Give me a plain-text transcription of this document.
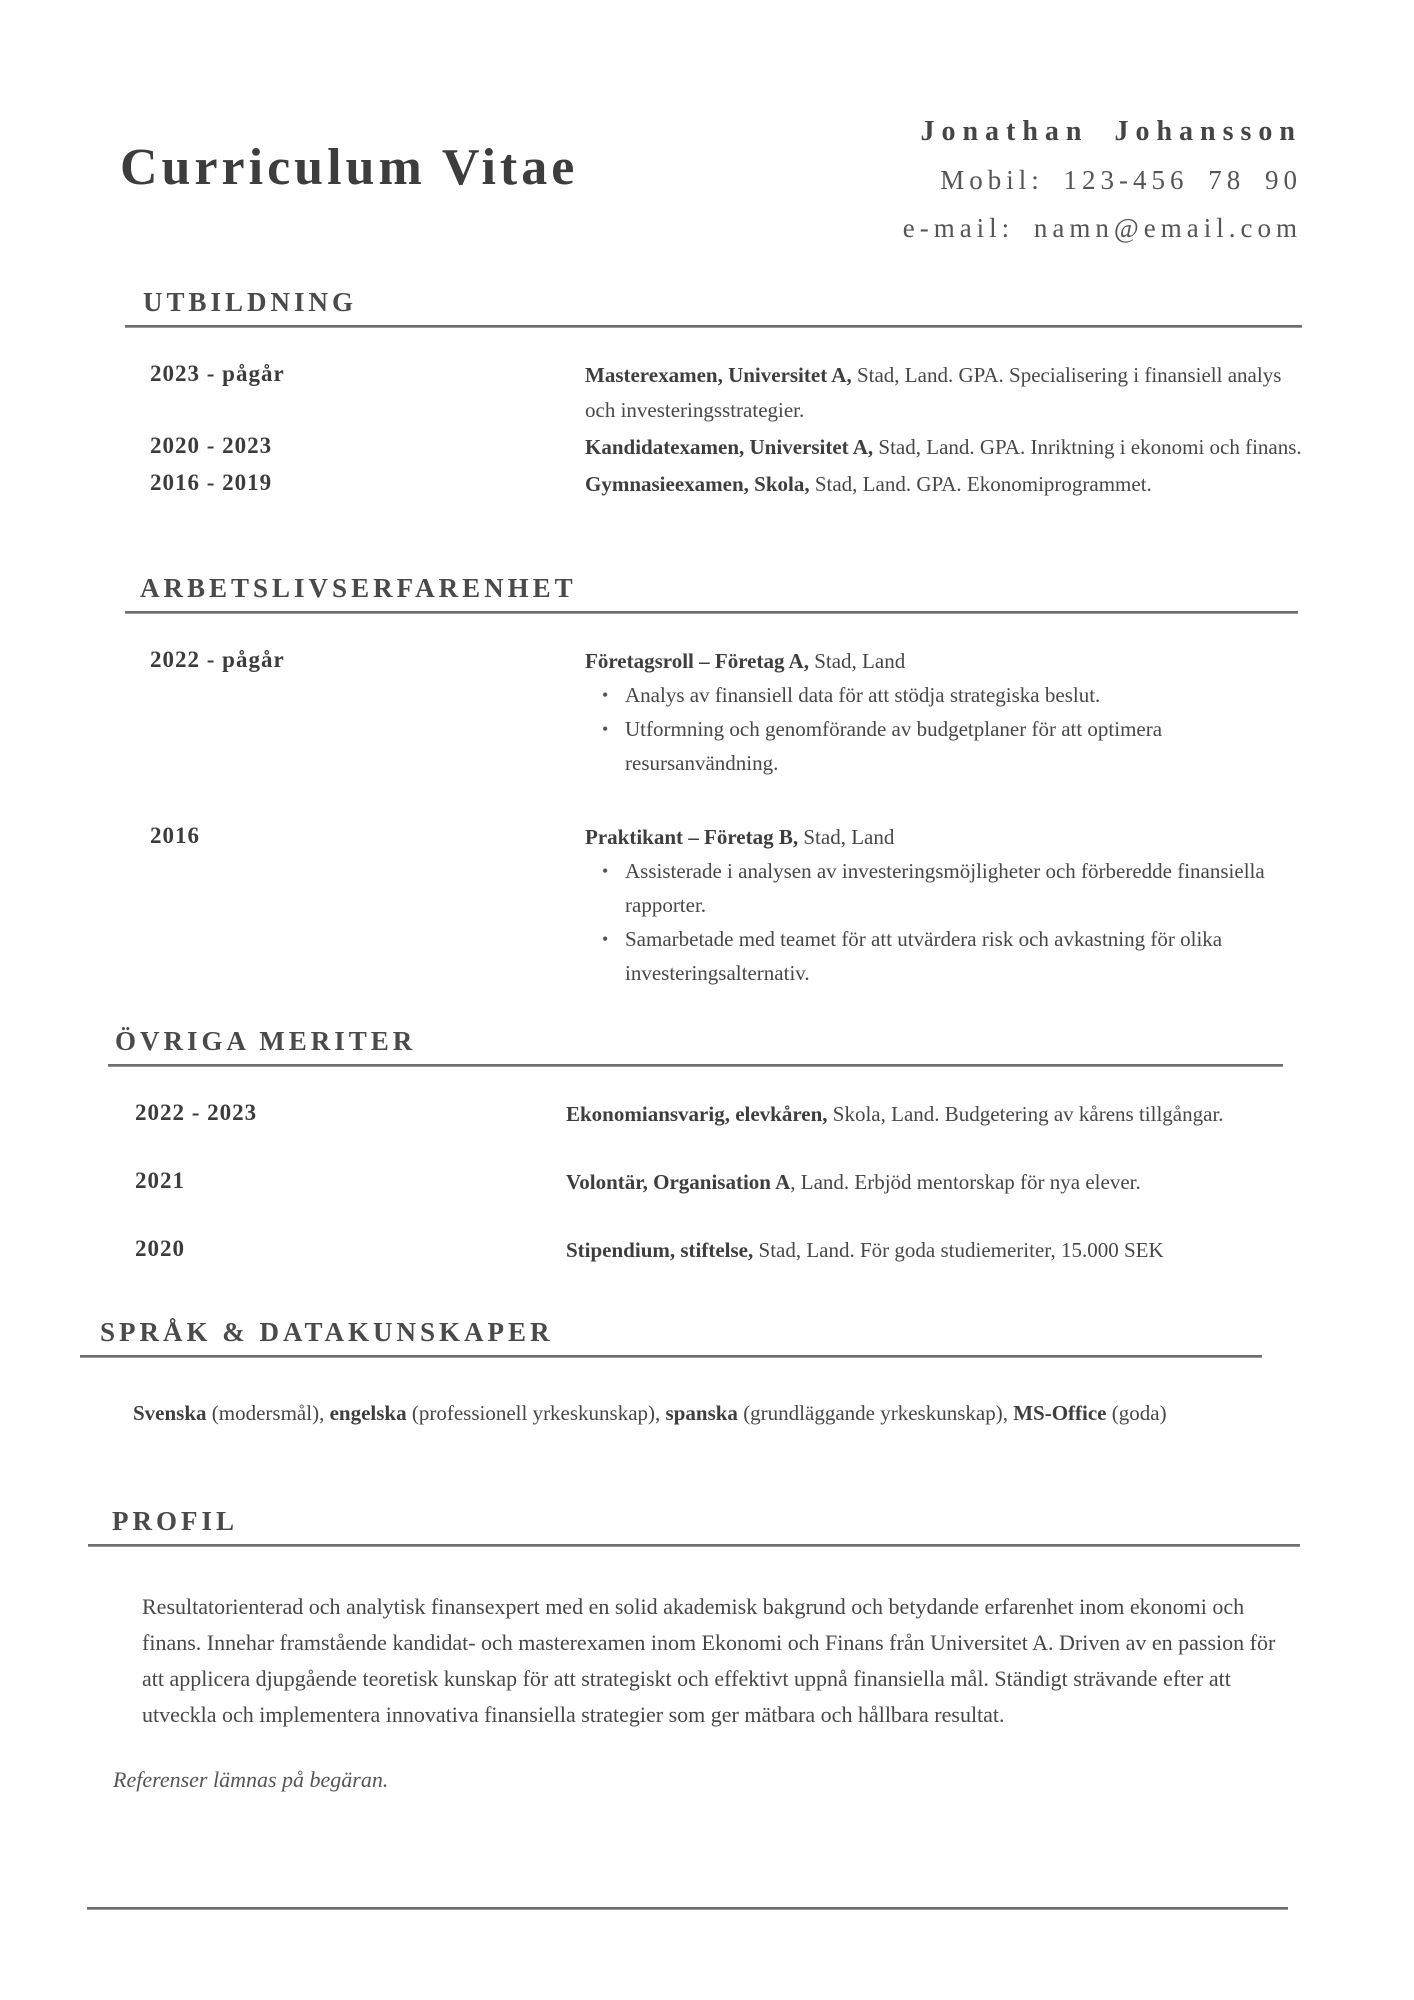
Curriculum Vitae
Jonathan Johansson
Mobil: 123-456 78 90
e-mail: namn@email.com
UTBILDNING
2023 - pågår	Masterexamen, Universitet A, Stad, Land. GPA. Specialisering i finansiell analys och investeringsstrategier.
2020 - 2023	Kandidatexamen, Universitet A, Stad, Land. GPA. Inriktning i ekonomi och finans.
2016 - 2019	Gymnasieexamen, Skola, Stad, Land. GPA. Ekonomiprogrammet.
ARBETSLIVSERFARENHET
2022 - pågår	Företagsroll – Företag A, Stad, Land
• Analys av finansiell data för att stödja strategiska beslut.
• Utformning och genomförande av budgetplaner för att optimera resursanvändning.
2016	Praktikant – Företag B, Stad, Land
• Assisterade i analysen av investeringsmöjligheter och förberedde finansiella rapporter.
• Samarbetade med teamet för att utvärdera risk och avkastning för olika investeringsalternativ.
ÖVRIGA MERITER
2022 - 2023	Ekonomiansvarig, elevkåren, Skola, Land. Budgetering av kårens tillgångar.
2021	Volontär, Organisation A, Land. Erbjöd mentorskap för nya elever.
2020	Stipendium, stiftelse, Stad, Land. För goda studiemeriter, 15.000 SEK
SPRÅK & DATAKUNSKAPER
Svenska (modersmål), engelska (professionell yrkeskunskap), spanska (grundläggande yrkeskunskap), MS-Office (goda)
PROFIL
Resultatorienterad och analytisk finansexpert med en solid akademisk bakgrund och betydande erfarenhet inom ekonomi och finans. Innehar framstående kandidat- och masterexamen inom Ekonomi och Finans från Universitet A. Driven av en passion för att applicera djupgående teoretisk kunskap för att strategiskt och effektivt uppnå finansiella mål. Ständigt strävande efter att utveckla och implementera innovativa finansiella strategier som ger mätbara och hållbara resultat.
Referenser lämnas på begäran.
